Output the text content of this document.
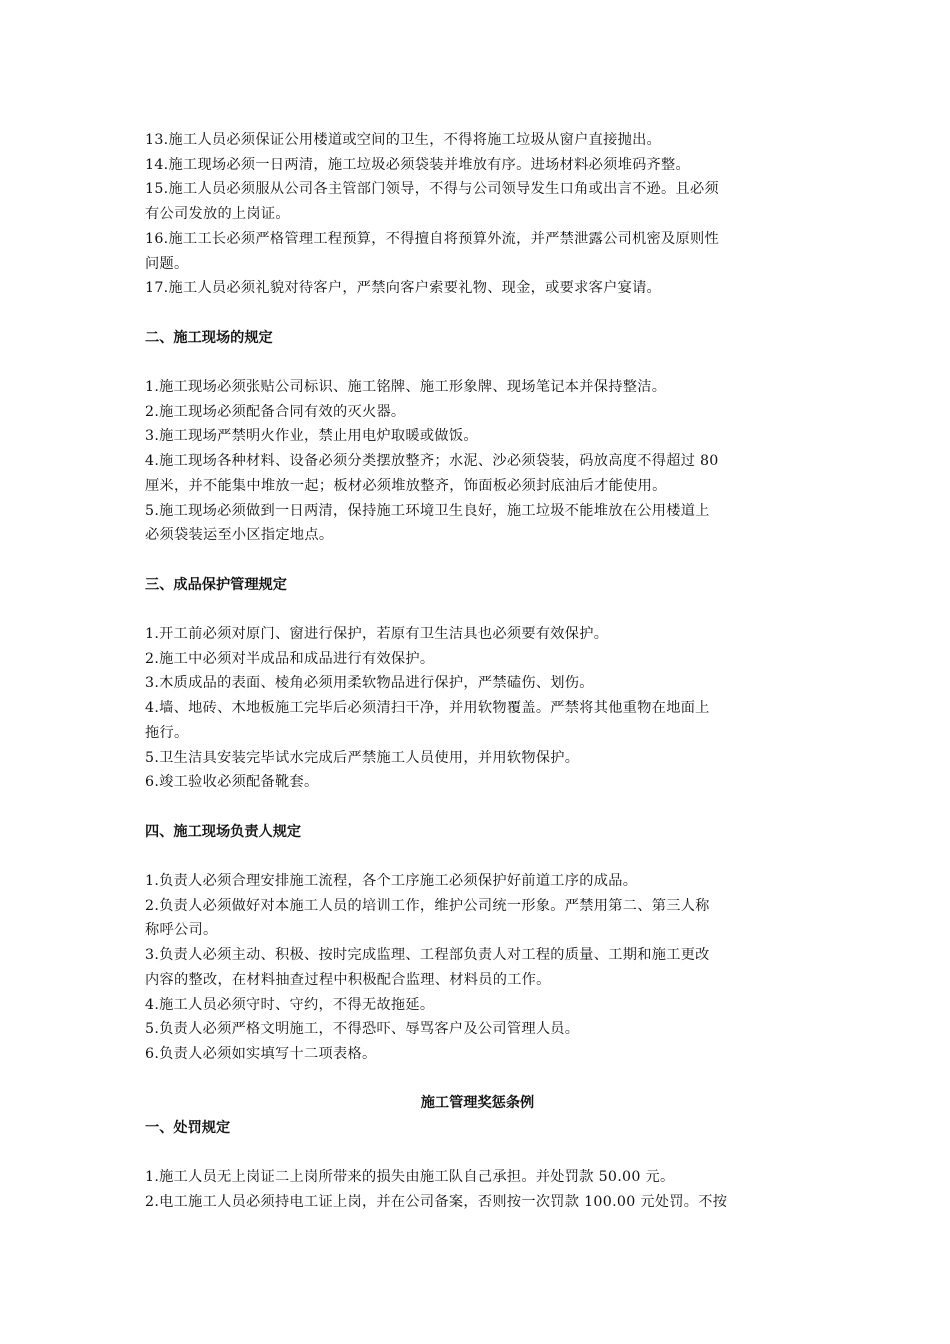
13.施工人员必须保证公用楼道或空间的卫生，不得将施工垃圾从窗户直接抛出。
14.施工现场必须一日两清，施工垃圾必须袋装并堆放有序。进场材料必须堆码齐整。
15.施工人员必须服从公司各主管部门领导，不得与公司领导发生口角或出言不逊。且必须
有公司发放的上岗证。
16.施工工长必须严格管理工程预算，不得擅自将预算外流，并严禁泄露公司机密及原则性
问题。
17.施工人员必须礼貌对待客户，严禁向客户索要礼物、现金，或要求客户宴请。
二、施工现场的规定
1.施工现场必须张贴公司标识、施工铭牌、施工形象牌、现场笔记本并保持整洁。
2.施工现场必须配备合同有效的灭火器。
3.施工现场严禁明火作业，禁止用电炉取暖或做饭。
4.施工现场各种材料、设备必须分类摆放整齐；水泥、沙必须袋装，码放高度不得超过 80
厘米，并不能集中堆放一起；板材必须堆放整齐，饰面板必须封底油后才能使用。
5.施工现场必须做到一日两清，保持施工环境卫生良好，施工垃圾不能堆放在公用楼道上
必须袋装运至小区指定地点。
三、成品保护管理规定
1.开工前必须对原门、窗进行保护，若原有卫生洁具也必须要有效保护。
2.施工中必须对半成品和成品进行有效保护。
3.木质成品的表面、棱角必须用柔软物品进行保护，严禁磕伤、划伤。
4.墙、地砖、木地板施工完毕后必须清扫干净，并用软物覆盖。严禁将其他重物在地面上
拖行。
5.卫生洁具安装完毕试水完成后严禁施工人员使用，并用软物保护。
6.竣工验收必须配备靴套。
四、施工现场负责人规定
1.负责人必须合理安排施工流程，各个工序施工必须保护好前道工序的成品。
2.负责人必须做好对本施工人员的培训工作，维护公司统一形象。严禁用第二、第三人称
称呼公司。
3.负责人必须主动、积极、按时完成监理、工程部负责人对工程的质量、工期和施工更改
内容的整改，在材料抽查过程中积极配合监理、材料员的工作。
4.施工人员必须守时、守约，不得无故拖延。
5.负责人必须严格文明施工，不得恐吓、辱骂客户及公司管理人员。
6.负责人必须如实填写十二项表格。
施工管理奖惩条例
一、处罚规定
1.施工人员无上岗证二上岗所带来的损失由施工队自己承担。并处罚款 50.00 元。
2.电工施工人员必须持电工证上岗，并在公司备案，否则按一次罚款 100.00 元处罚。不按
